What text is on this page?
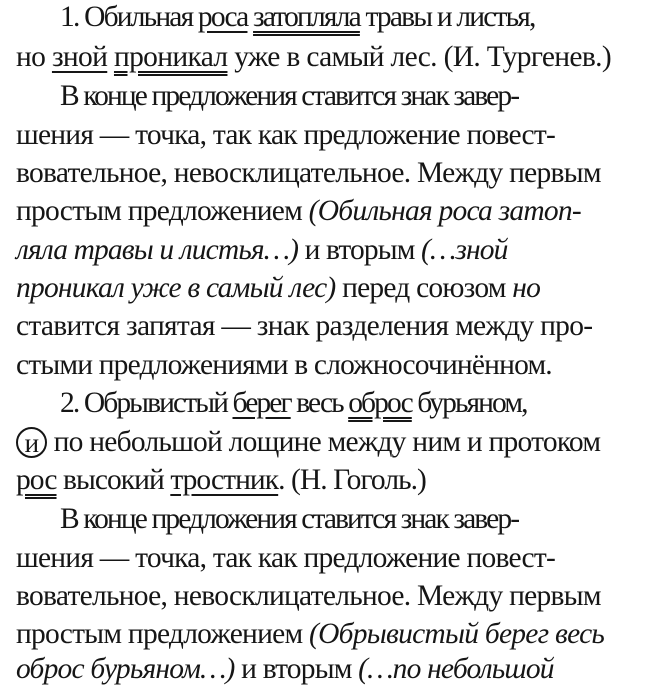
1. Обильная роса затопляла травы и листья,
но зной проникал уже в самый лес. (И. Тургенев.)
В конце предложения ставится знак завер-
шения — точка, так как предложение повест-
вовательное, невосклицательное. Между первым
простым предложением (Обильная роса затоп-
ляла травы и листья…) и вторым (…зной
проникал уже в самый лес) перед союзом но
ставится запятая — знак разделения между про-
стыми предложениями в сложносочинённом.
2. Обрывистый берег весь оброс бурьяном,
и по небольшой лощине между ним и протоком
рос высокий тростник. (Н. Гоголь.)
В конце предложения ставится знак завер-
шения — точка, так как предложение повест-
вовательное, невосклицательное. Между первым
простым предложением (Обрывистый берег весь
оброс бурьяном…) и вторым (…по небольшой
